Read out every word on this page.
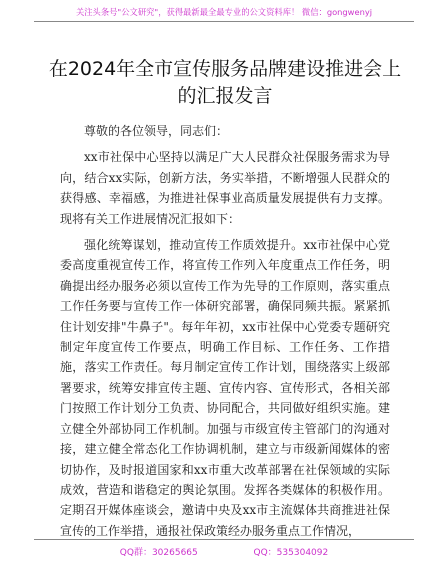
关注头条号"公文研究"，获得最新最全最专业的公文资料库！ 微信：gongwenyj
在2024年全市宣传服务品牌建设推进会上的汇报发言

尊敬的各位领导，同志们：

xx市社保中心坚持以满足广大人民群众社保服务需求为导向，结合xx实际，创新方法，务实举措，不断增强人民群众的获得感、幸福感，为推进社保事业高质量发展提供有力支撑。现将有关工作进展情况汇报如下：

强化统筹谋划，推动宣传工作质效提升。xx市社保中心党委高度重视宣传工作，将宣传工作列入年度重点工作任务，明确提出经办服务必须以宣传工作为先导的工作原则，落实重点工作任务要与宣传工作一体研究部署，确保同频共振。紧紧抓住计划安排"牛鼻子"。每年年初，xx市社保中心党委专题研究制定年度宣传工作要点，明确工作目标、工作任务、工作措施，落实工作责任。每月制定宣传工作计划，围绕落实上级部署要求，统筹安排宣传主题、宣传内容、宣传形式，各相关部门按照工作计划分工负责、协同配合，共同做好组织实施。建立健全外部协同工作机制。加强与市级宣传主管部门的沟通对接，建立健全常态化工作协调机制，建立与市级新闻媒体的密切协作，及时报道国家和xx市重大改革部署在社保领域的实际成效，营造和谐稳定的舆论氛围。发挥各类媒体的积极作用。定期召开媒体座谈会，邀请中央及xx市主流媒体共商推进社保宣传的工作举措，通报社保政策经办服务重点工作情况，

QQ群：30265665	QQ：535304092
